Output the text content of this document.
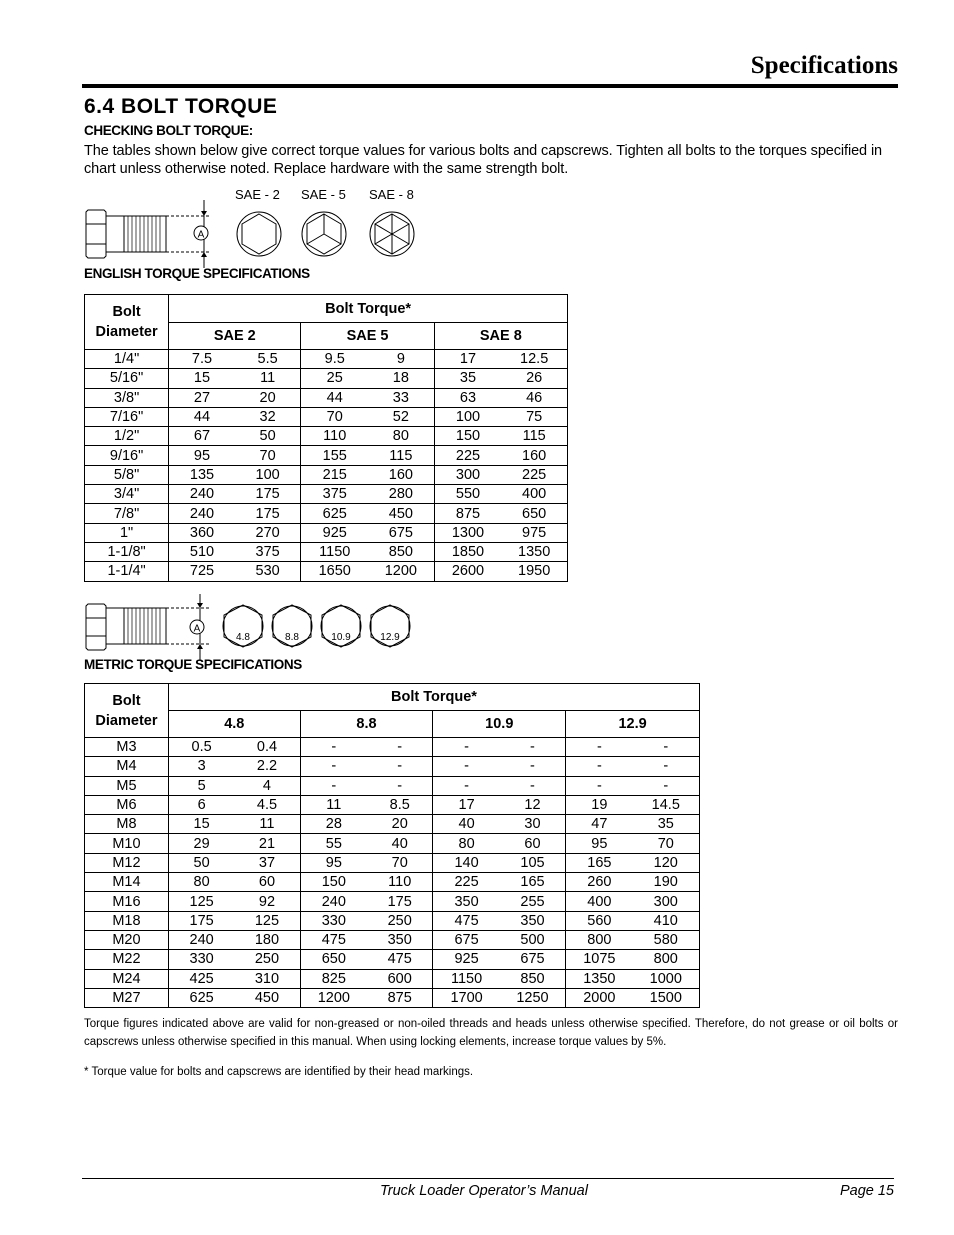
Specifications
6.4 BOLT TORQUE
CHECKING BOLT TORQUE:
The tables shown below give correct torque values for various bolts and capscrews. Tighten all bolts to the torques specified in chart unless otherwise noted. Replace hardware with the same strength bolt.
SAE - 2 SAE - 5 SAE - 8
A
ENGLISH TORQUE SPECIFICATIONS
Bolt
Diameter	Bolt Torque*					
	SAE 2		SAE 5		SAE 8	
1/4"	7.5	5.5	9.5	9	17	12.5
5/16"	15	11	25	18	35	26
3/8"	27	20	44	33	63	46
7/16"	44	32	70	52	100	75
1/2"	67	50	110	80	150	115
9/16"	95	70	155	115	225	160
5/8"	135	100	215	160	300	225
3/4"	240	175	375	280	550	400
7/8"	240	175	625	450	875	650
1"	360	270	925	675	1300	975
1-1/8"	510	375	1150	850	1850	1350
1-1/4"	725	530	1650	1200	2600	1950
A
4.8	8.8	10.9	12.9
METRIC TORQUE SPECIFICATIONS
Bolt
Diameter	Bolt Torque*							
	4.8		8.8		10.9		12.9	
M3	0.5	0.4	-	-	-	-	-	-
M4	3	2.2	-	-	-	-	-	-
M5	5	4	-	-	-	-	-	-
M6	6	4.5	11	8.5	17	12	19	14.5
M8	15	11	28	20	40	30	47	35
M10	29	21	55	40	80	60	95	70
M12	50	37	95	70	140	105	165	120
M14	80	60	150	110	225	165	260	190
M16	125	92	240	175	350	255	400	300
M18	175	125	330	250	475	350	560	410
M20	240	180	475	350	675	500	800	580
M22	330	250	650	475	925	675	1075	800
M24	425	310	825	600	1150	850	1350	1000
M27	625	450	1200	875	1700	1250	2000	1500
Torque figures indicated above are valid for non-greased or non-oiled threads and heads unless otherwise specified. Therefore, do not grease or oil bolts or capscrews unless otherwise specified in this manual. When using locking elements, increase torque values by 5%.
* Torque value for bolts and capscrews are identified by their head markings.
Truck Loader Operator’s Manual	Page 15
